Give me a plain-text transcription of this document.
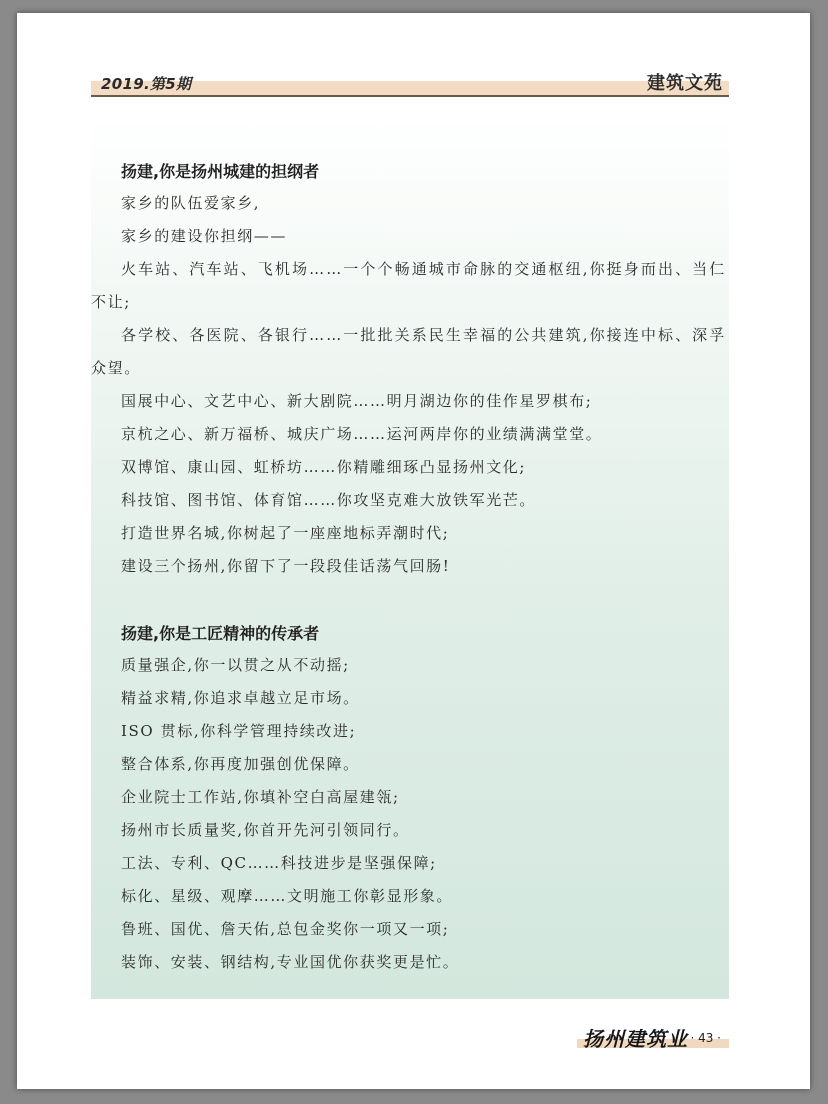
2019.第5期	建筑文苑
扬建,你是扬州城建的担纲者
家乡的队伍爱家乡,
家乡的建设你担纲——
火车站、汽车站、飞机场……一个个畅通城市命脉的交通枢纽,你挺身而出、当仁
不让;
各学校、各医院、各银行……一批批关系民生幸福的公共建筑,你接连中标、深孚
众望。
国展中心、文艺中心、新大剧院……明月湖边你的佳作星罗棋布;
京杭之心、新万福桥、城庆广场……运河两岸你的业绩满满堂堂。
双博馆、康山园、虹桥坊……你精雕细琢凸显扬州文化;
科技馆、图书馆、体育馆……你攻坚克难大放铁军光芒。
打造世界名城,你树起了一座座地标弄潮时代;
建设三个扬州,你留下了一段段佳话荡气回肠!
扬建,你是工匠精神的传承者
质量强企,你一以贯之从不动摇;
精益求精,你追求卓越立足市场。
ISO 贯标,你科学管理持续改进;
整合体系,你再度加强创优保障。
企业院士工作站,你填补空白高屋建瓴;
扬州市长质量奖,你首开先河引领同行。
工法、专利、QC……科技进步是坚强保障;
标化、星级、观摩……文明施工你彰显形象。
鲁班、国优、詹天佑,总包金奖你一项又一项;
装饰、安装、钢结构,专业国优你获奖更是忙。
扬州建筑业 · 43 ·
